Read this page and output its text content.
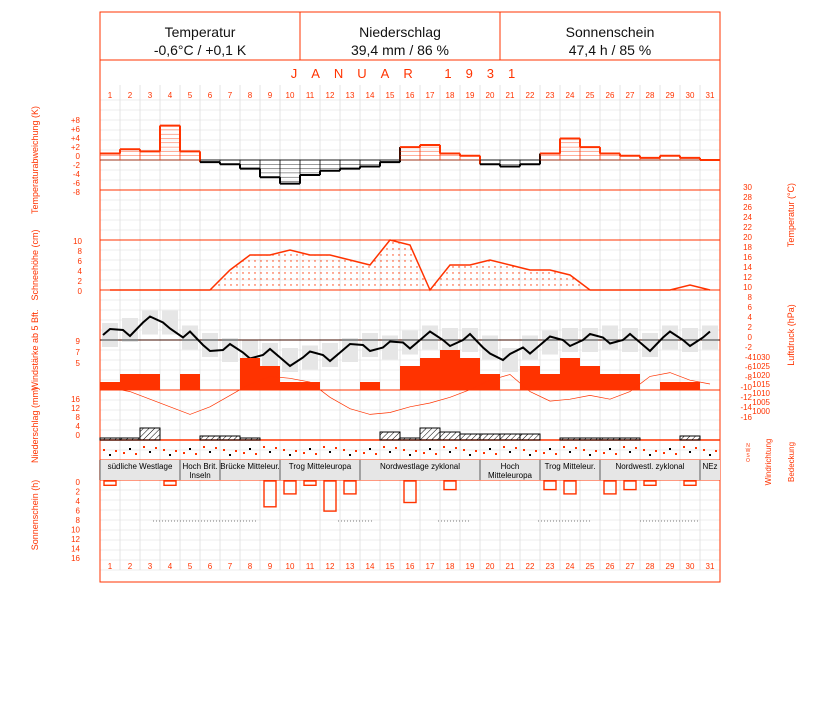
1
1
2
2
3
3
4
4
5
5
6
6
7
7
8
8
9
9
10
10
11
11
12
12
13
13
14
14
15
15
16
16
17
17
18
18
19
19
20
20
21
21
22
22
23
23
24
24
25
25
26
26
27
27
28
28
29
29
30
30
31
31
+8
+6
+4
+2
0
-2
-4
-6
-8
10
8
6
4
2
0
9
7
5
16
12
8
4
0
N
W
S
O
0
2
4
6
8
10
12
14
16
30
28
26
24
22
20
18
16
14
12
10
8
6
4
2
0
-2
-4
-6
-8
-10
-12
-14
-16
1030
1025
1020
1015
1010
1005
1000
Temperaturabweichung (K)
Schneehöhe (cm)
Windstärke ab 5 Bft.
Niederschlag (mm)
Sonnenschein (h)
Temperatur (°C)
Luftdruck (hPa)
Windrichtung Bedeckung
Temperatur
-0,6°C / +0,1 K
Niederschlag
39,4 mm / 86 %
Sonnenschein
47,4 h / 85 %
JANUAR 1931
südliche Westlage	Hoch Brit. Inseln
Brücke Mitteleur.	Trog Mitteleuropa	Nordwestlage zyklonal	Hoch Mitteleuropa
Trog Mitteleur.	Nordwestl. zyklonal	NEz
